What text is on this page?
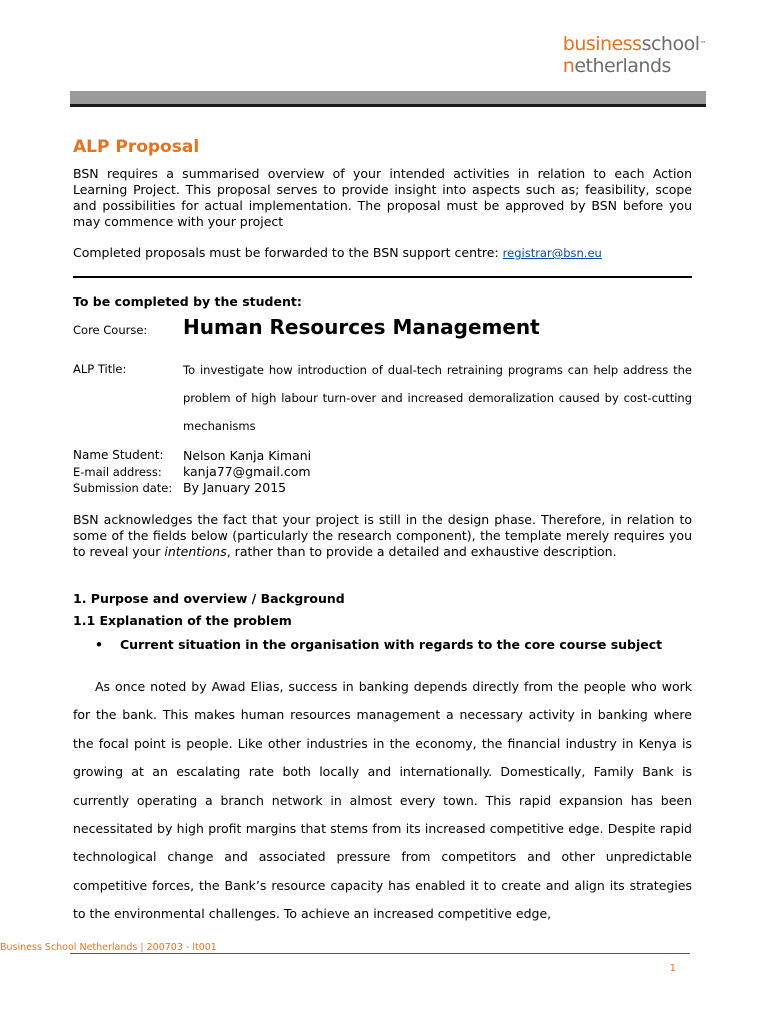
businessschool™
netherlands
ALP Proposal
BSN requires a summarised overview of your intended activities in relation to each Action Learning Project. This proposal serves to provide insight into aspects such as; feasibility, scope and possibilities for actual implementation. The proposal must be approved by BSN before you may commence with your project
Completed proposals must be forwarded to the BSN support centre: registrar@bsn.eu
To be completed by the student:
Core Course: Human Resources Management
ALP Title:	To investigate how introduction of dual-tech retraining programs can help address the problem of high labour turn-over and increased demoralization caused by cost-cutting mechanisms
Name Student: Nelson Kanja Kimani
E-mail address: kanja77@gmail.com
Submission date: By January 2015
BSN acknowledges the fact that your project is still in the design phase. Therefore, in relation to some of the fields below (particularly the research component), the template merely requires you to reveal your intentions, rather than to provide a detailed and exhaustive description.
1. Purpose and overview / Background
1.1 Explanation of the problem
• Current situation in the organisation with regards to the core course subject
As once noted by Awad Elias, success in banking depends directly from the people who work for the bank. This makes human resources management a necessary activity in banking where the focal point is people. Like other industries in the economy, the financial industry in Kenya is growing at an escalating rate both locally and internationally. Domestically, Family Bank is currently operating a branch network in almost every town. This rapid expansion has been necessitated by high profit margins that stems from its increased competitive edge. Despite rapid technological change and associated pressure from competitors and other unpredictable competitive forces, the Bank’s resource capacity has enabled it to create and align its strategies to the environmental challenges. To achieve an increased competitive edge,
Business School Netherlands | 200703 - lt001
1
